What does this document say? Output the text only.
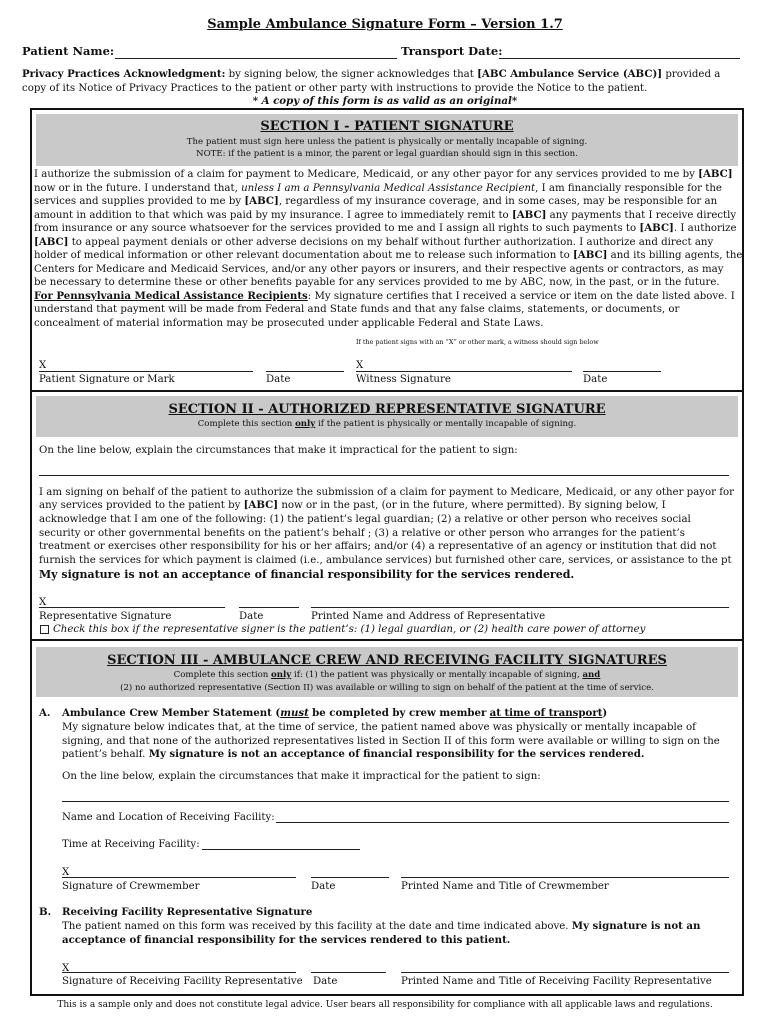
Sample Ambulance Signature Form – Version 1.7
Patient Name:	Transport Date:
Privacy Practices Acknowledgment: by signing below, the signer acknowledges that [ABC Ambulance Service (ABC)] provided a
copy of its Notice of Privacy Practices to the patient or other party with instructions to provide the Notice to the patient.
* A copy of this form is as valid as an original*
SECTION I - PATIENT SIGNATURE
The patient must sign here unless the patient is physically or mentally incapable of signing.
NOTE: if the patient is a minor, the parent or legal guardian should sign in this section.
I authorize the submission of a claim for payment to Medicare, Medicaid, or any other payor for any services provided to me by [ABC]
now or in the future. I understand that, unless I am a Pennsylvania Medical Assistance Recipient, I am financially responsible for the
services and supplies provided to me by [ABC], regardless of my insurance coverage, and in some cases, may be responsible for an
amount in addition to that which was paid by my insurance. I agree to immediately remit to [ABC] any payments that I receive directly
from insurance or any source whatsoever for the services provided to me and I assign all rights to such payments to [ABC]. I authorize
[ABC] to appeal payment denials or other adverse decisions on my behalf without further authorization. I authorize and direct any
holder of medical information or other relevant documentation about me to release such information to [ABC] and its billing agents, the
Centers for Medicare and Medicaid Services, and/or any other payors or insurers, and their respective agents or contractors, as may
be necessary to determine these or other benefits payable for any services provided to me by ABC, now, in the past, or in the future.
For Pennsylvania Medical Assistance Recipients: My signature certifies that I received a service or item on the date listed above. I
understand that payment will be made from Federal and State funds and that any false claims, statements, or documents, or
concealment of material information may be prosecuted under applicable Federal and State Laws.
If the patient signs with an “X” or other mark, a witness should sign below
X	X
Patient Signature or Mark	Date	Witness Signature	Date
SECTION II - AUTHORIZED REPRESENTATIVE SIGNATURE
Complete this section only if the patient is physically or mentally incapable of signing.
On the line below, explain the circumstances that make it impractical for the patient to sign:
I am signing on behalf of the patient to authorize the submission of a claim for payment to Medicare, Medicaid, or any other payor for
any services provided to the patient by [ABC] now or in the past, (or in the future, where permitted). By signing below, I
acknowledge that I am one of the following: (1) the patient’s legal guardian; (2) a relative or other person who receives social
security or other governmental benefits on the patient’s behalf ; (3) a relative or other person who arranges for the patient’s
treatment or exercises other responsibility for his or her affairs; and/or (4) a representative of an agency or institution that did not
furnish the services for which payment is claimed (i.e., ambulance services) but furnished other care, services, or assistance to the pt
My signature is not an acceptance of financial responsibility for the services rendered.
X
Representative Signature	Date	Printed Name and Address of Representative
Check this box if the representative signer is the patient’s: (1) legal guardian, or (2) health care power of attorney
SECTION III - AMBULANCE CREW AND RECEIVING FACILITY SIGNATURES
Complete this section only if: (1) the patient was physically or mentally incapable of signing, and
(2) no authorized representative (Section II) was available or willing to sign on behalf of the patient at the time of service.
A. Ambulance Crew Member Statement (must be completed by crew member at time of transport)
My signature below indicates that, at the time of service, the patient named above was physically or mentally incapable of
signing, and that none of the authorized representatives listed in Section II of this form were available or willing to sign on the
patient’s behalf. My signature is not an acceptance of financial responsibility for the services rendered.
On the line below, explain the circumstances that make it impractical for the patient to sign:
Name and Location of Receiving Facility:
Time at Receiving Facility:
X
Signature of Crewmember	Date	Printed Name and Title of Crewmember
B. Receiving Facility Representative Signature
The patient named on this form was received by this facility at the date and time indicated above. My signature is not an
acceptance of financial responsibility for the services rendered to this patient.
X
Signature of Receiving Facility Representative Date	Printed Name and Title of Receiving Facility Representative
This is a sample only and does not constitute legal advice. User bears all responsibility for compliance with all applicable laws and regulations.
